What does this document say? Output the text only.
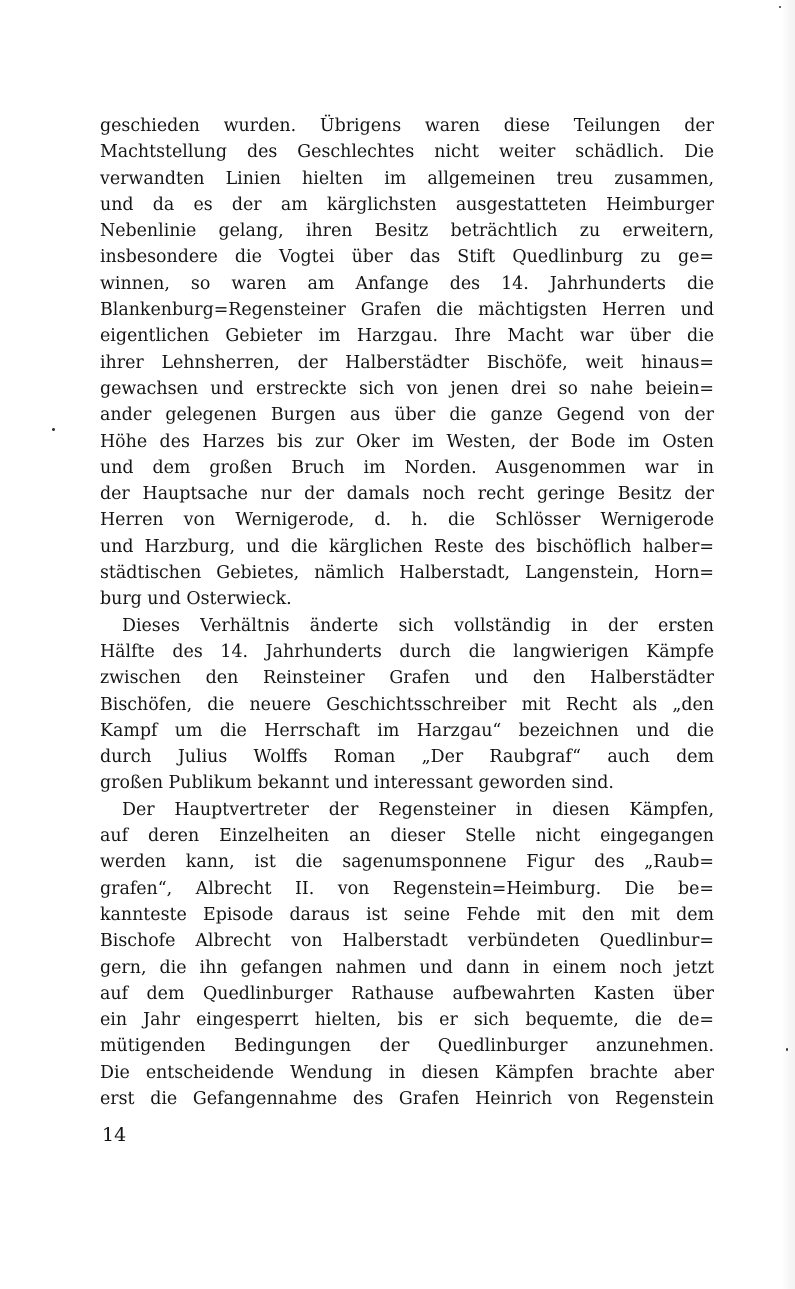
geschieden wurden. Übrigens waren diese Teilungen der
Machtstellung des Geschlechtes nicht weiter schädlich. Die
verwandten Linien hielten im allgemeinen treu zusammen,
und da es der am kärglichsten ausgestatteten Heimburger
Nebenlinie gelang, ihren Besitz beträchtlich zu erweitern,
insbesondere die Vogtei über das Stift Quedlinburg zu ge=
winnen, so waren am Anfange des 14. Jahrhunderts die
Blankenburg=Regensteiner Grafen die mächtigsten Herren und
eigentlichen Gebieter im Harzgau. Ihre Macht war über die
ihrer Lehnsherren, der Halberstädter Bischöfe, weit hinaus=
gewachsen und erstreckte sich von jenen drei so nahe beiein=
ander gelegenen Burgen aus über die ganze Gegend von der
Höhe des Harzes bis zur Oker im Westen, der Bode im Osten
und dem großen Bruch im Norden. Ausgenommen war in
der Hauptsache nur der damals noch recht geringe Besitz der
Herren von Wernigerode, d. h. die Schlösser Wernigerode
und Harzburg, und die kärglichen Reste des bischöflich halber=
städtischen Gebietes, nämlich Halberstadt, Langenstein, Horn=
burg und Osterwieck.
Dieses Verhältnis änderte sich vollständig in der ersten
Hälfte des 14. Jahrhunderts durch die langwierigen Kämpfe
zwischen den Reinsteiner Grafen und den Halberstädter
Bischöfen, die neuere Geschichtsschreiber mit Recht als „den
Kampf um die Herrschaft im Harzgau“ bezeichnen und die
durch Julius Wolffs Roman „Der Raubgraf“ auch dem
großen Publikum bekannt und interessant geworden sind.
Der Hauptvertreter der Regensteiner in diesen Kämpfen,
auf deren Einzelheiten an dieser Stelle nicht eingegangen
werden kann, ist die sagenumsponnene Figur des „Raub=
grafen“, Albrecht II. von Regenstein=Heimburg. Die be=
kannteste Episode daraus ist seine Fehde mit den mit dem
Bischofe Albrecht von Halberstadt verbündeten Quedlinbur=
gern, die ihn gefangen nahmen und dann in einem noch jetzt
auf dem Quedlinburger Rathause aufbewahrten Kasten über
ein Jahr eingesperrt hielten, bis er sich bequemte, die de=
mütigenden Bedingungen der Quedlinburger anzunehmen.
Die entscheidende Wendung in diesen Kämpfen brachte aber
erst die Gefangennahme des Grafen Heinrich von Regenstein
14
